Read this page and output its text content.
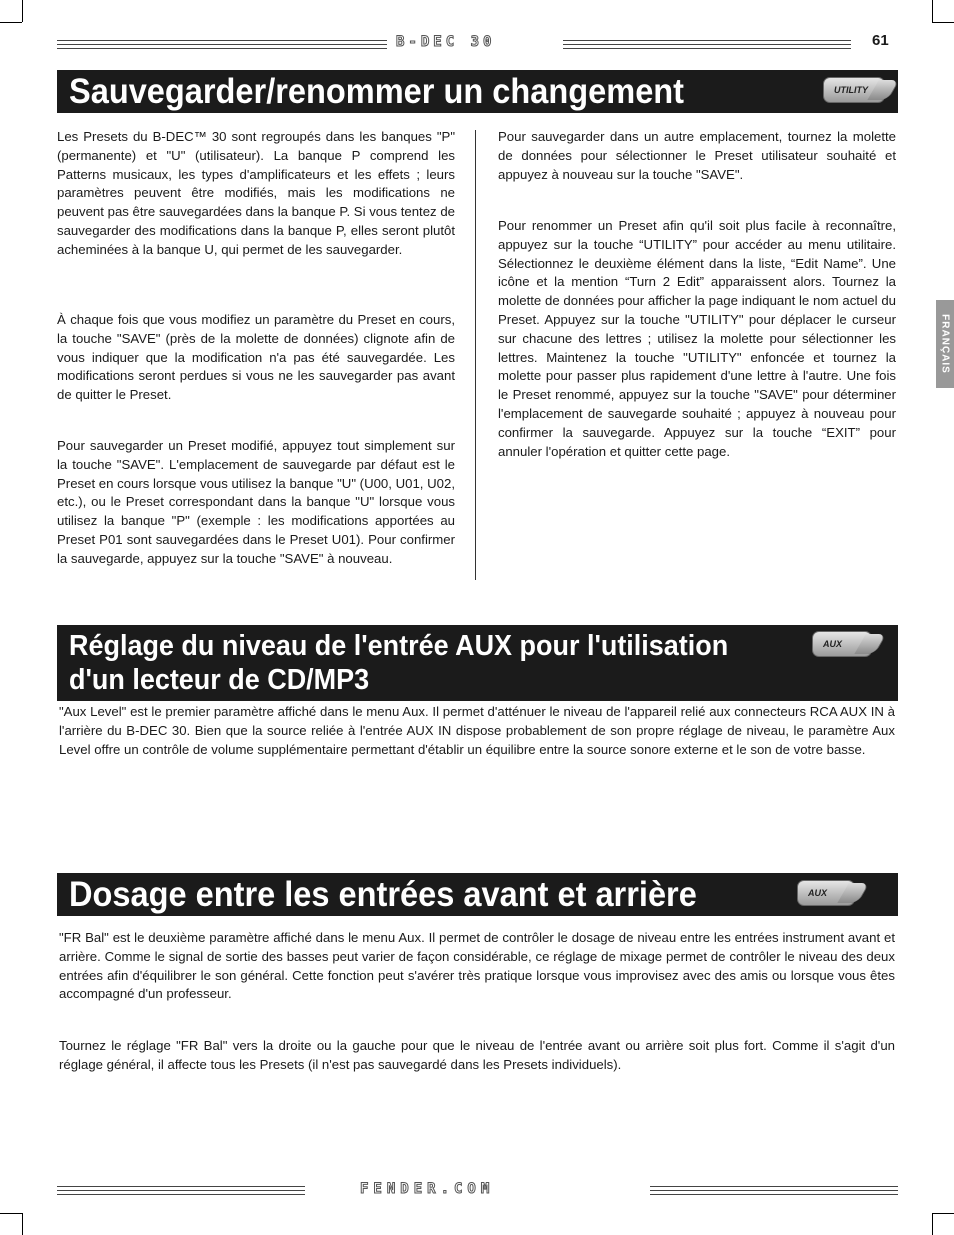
B-DEC 30	61
FRANÇAIS
Sauvegarder/renommer un changement	UTILITY

Les Presets du B-DEC™ 30 sont regroupés dans les banques "P" (permanente) et "U" (utilisateur). La banque P comprend les Patterns musicaux, les types d'amplificateurs et les effets ; leurs paramètres peuvent être modifiés, mais les modifications ne peuvent pas être sauvegardées dans la banque P. Si vous tentez de sauvegarder des modifications dans la banque P, elles seront plutôt acheminées à la banque U, qui permet de les sauvegarder.

À chaque fois que vous modifiez un paramètre du Preset en cours, la touche "SAVE" (près de la molette de données) clignote afin de vous indiquer que la modification n'a pas été sauvegardée. Les modifications seront perdues si vous ne les sauvegarder pas avant de quitter le Preset.

Pour sauvegarder un Preset modifié, appuyez tout simplement sur la touche "SAVE". L'emplacement de sauvegarde par défaut est le Preset en cours lorsque vous utilisez la banque "U" (U00, U01, U02, etc.), ou le Preset correspondant dans la banque "U" lorsque vous utilisez la banque "P" (exemple : les modifications apportées au Preset P01 sont sauvegardées dans le Preset U01). Pour confirmer la sauvegarde, appuyez sur la touche "SAVE" à nouveau.

Pour sauvegarder dans un autre emplacement, tournez la molette de données pour sélectionner le Preset utilisateur souhaité et appuyez à nouveau sur la touche "SAVE".

Pour renommer un Preset afin qu'il soit plus facile à reconnaître, appuyez sur la touche “UTILITY” pour accéder au menu utilitaire. Sélectionnez le deuxième élément dans la liste, “Edit Name”. Une icône et la mention “Turn 2 Edit” apparaissent alors. Tournez la molette de données pour afficher la page indiquant le nom actuel du Preset. Appuyez sur la touche "UTILITY" pour déplacer le curseur sur chacune des lettres ; utilisez la molette pour sélectionner les lettres. Maintenez la touche "UTILITY" enfoncée et tournez la molette pour passer plus rapidement d'une lettre à l'autre. Une fois le Preset renommé, appuyez sur la touche "SAVE" pour déterminer l'emplacement de sauvegarde souhaité ; appuyez à nouveau pour confirmer la sauvegarde. Appuyez sur la touche “EXIT” pour annuler l'opération et quitter cette page.

Réglage du niveau de l'entrée AUX pour l'utilisation
d'un lecteur de CD/MP3
AUX

"Aux Level" est le premier paramètre affiché dans le menu Aux. Il permet d'atténuer le niveau de l'appareil relié aux connecteurs RCA AUX IN à l'arrière du B-DEC 30. Bien que la source reliée à l'entrée AUX IN dispose probablement de son propre réglage de niveau, le paramètre Aux Level offre un contrôle de volume supplémentaire permettant d'établir un équilibre entre la source sonore externe et le son de votre basse.

Dosage entre les entrées avant et arrière	AUX

"FR Bal" est le deuxième paramètre affiché dans le menu Aux. Il permet de contrôler le dosage de niveau entre les entrées instrument avant et arrière. Comme le signal de sortie des basses peut varier de façon considérable, ce réglage de mixage permet de contrôler le niveau des deux entrées afin d'équilibrer le son général. Cette fonction peut s'avérer très pratique lorsque vous improvisez avec des amis ou lorsque vous êtes accompagné d'un professeur.

Tournez le réglage "FR Bal" vers la droite ou la gauche pour que le niveau de l'entrée avant ou arrière soit plus fort. Comme il s'agit d'un réglage général, il affecte tous les Presets (il n'est pas sauvegardé dans les Presets individuels).

FENDER.COM
